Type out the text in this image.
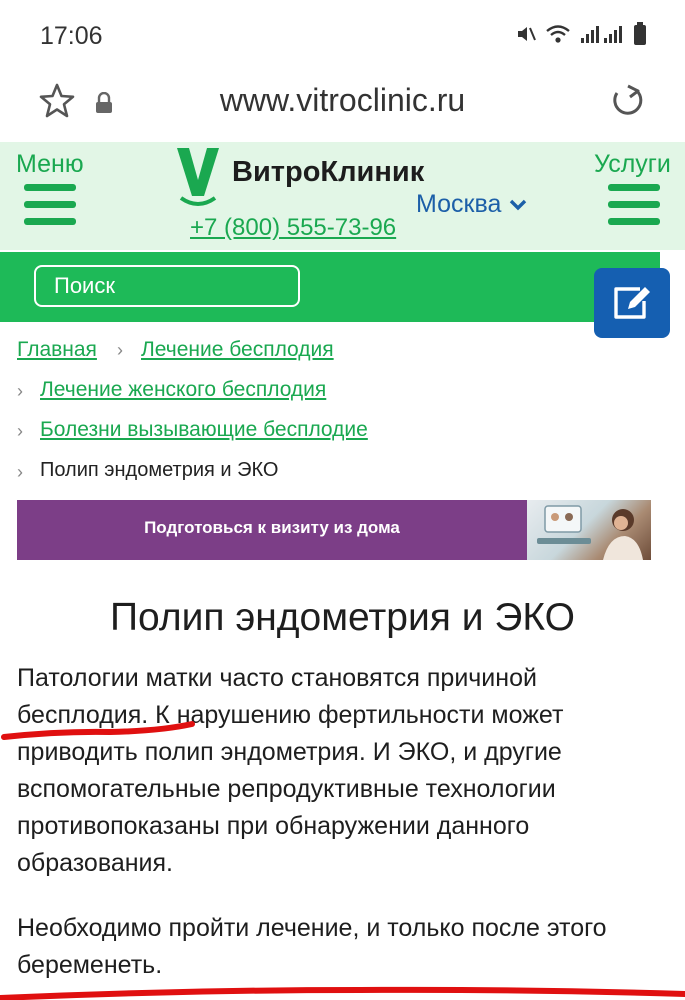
17:06
www.vitroclinic.ru
Меню	ВитроКлиник
+7 (800) 555-73-96
Москва
Услуги
Поиск
Главная › Лечение бесплодия
› Лечение женского бесплодия
› Болезни вызывающие бесплодие
› Полип эндометрия и ЭКО
Подготовься к визиту из дома
Полип эндометрия и ЭКО

Патологии матки часто становятся причиной бесплодия. К нарушению фертильности может приводить полип эндометрия. И ЭКО, и другие вспомогательные репродуктивные технологии противопоказаны при обнаружении данного образования.

Необходимо пройти лечение, и только после этого беременеть.
